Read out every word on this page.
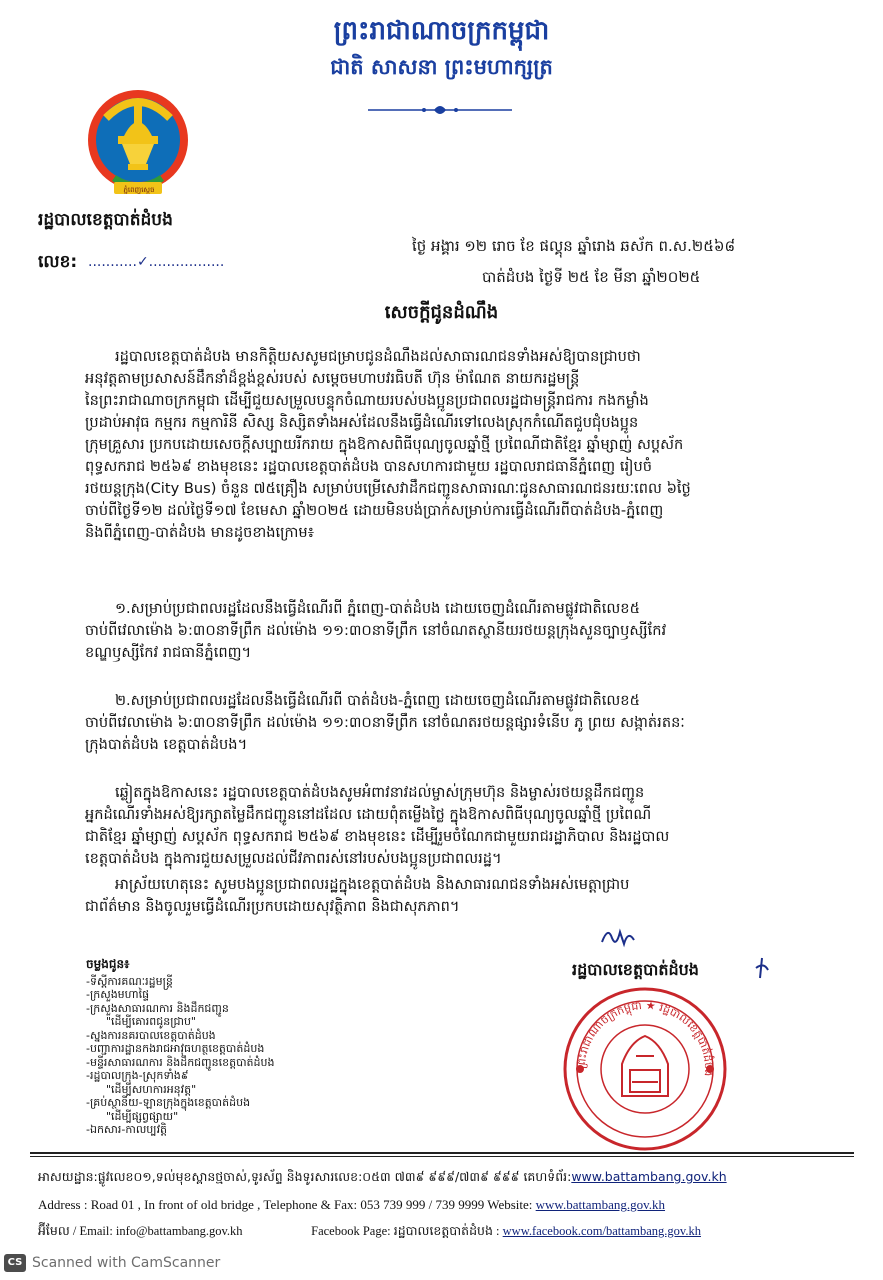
ព្រះរាជាណាចក្រកម្ពុជា
ជាតិ សាសនា ព្រះមហាក្សត្រ
ភ្នំពេញស្តេច
រដ្ឋបាលខេត្តបាត់ដំបង
លេខ: ...........✓.................
ថ្ងៃ អង្គារ ១២ រោច ខែ ផល្គុន ឆ្នាំរោង ឆស័ក ព.ស.២៥៦៨
បាត់ដំបង ថ្ងៃទី ២៥ ខែ មីនា ឆ្នាំ២០២៥
សេចក្តីជូនដំណឹង
រដ្ឋបាលខេត្តបាត់ដំបង មានកិត្តិយសសូមជម្រាបជូនដំណឹងដល់សាធារណជនទាំងអស់ឱ្យបានជ្រាបថា
អនុវត្តតាមប្រសាសន៍ដឹកនាំដ៏ខ្ពង់ខ្ពស់របស់ សម្តេចមហាបវរធិបតី ហ៊ុន ម៉ាណែត នាយករដ្ឋមន្ត្រី
នៃព្រះរាជាណាចក្រកម្ពុជា ដើម្បីជួយសម្រួលបន្ទុកចំណាយរបស់បងប្អូនប្រជាពលរដ្ឋជាមន្ត្រីរាជការ កងកម្លាំង
ប្រដាប់អាវុធ កម្មករ កម្មការិនី សិស្ស និស្សិតទាំងអស់ដែលនឹងធ្វើដំណើរទៅលេងស្រុកកំណើតជួបជុំបងប្អូន
ក្រុមគ្រួសារ ប្រកបដោយសេចក្តីសប្បាយរីករាយ ក្នុងឱកាសពិធីបុណ្យចូលឆ្នាំថ្មី ប្រពៃណីជាតិខ្មែរ ឆ្នាំម្សាញ់ សប្តស័ក
ពុទ្ធសករាជ ២៥៦៩ ខាងមុខនេះ រដ្ឋបាលខេត្តបាត់ដំបង បានសហការជាមួយ រដ្ឋបាលរាជធានីភ្នំពេញ រៀបចំ
រថយន្តក្រុង(City Bus) ចំនួន ៧៥គ្រឿង សម្រាប់បម្រើសេវាដឹកជញ្ជូនសាធារណៈជូនសាធារណជនរយៈពេល ៦ថ្ងៃ
ចាប់ពីថ្ងៃទី១២ ដល់ថ្ងៃទី១៧ ខែមេសា ឆ្នាំ២០២៥ ដោយមិនបង់ប្រាក់សម្រាប់ការធ្វើដំណើរពីបាត់ដំបង-ភ្នំពេញ
និងពីភ្នំពេញ-បាត់ដំបង មានដូចខាងក្រោម៖
១.សម្រាប់ប្រជាពលរដ្ឋដែលនឹងធ្វើដំណើរពី ភ្នំពេញ-បាត់ដំបង ដោយចេញដំណើរតាមផ្លូវជាតិលេខ៥
ចាប់ពីវេលាម៉ោង ៦:៣០នាទីព្រឹក ដល់ម៉ោង ១១:៣០នាទីព្រឹក នៅចំណតស្ថានីយរថយន្តក្រុងសួនច្បាឫស្សីកែវ
ខណ្ឌឫស្សីកែវ រាជធានីភ្នំពេញ។
២.សម្រាប់ប្រជាពលរដ្ឋដែលនឹងធ្វើដំណើរពី បាត់ដំបង-ភ្នំពេញ ដោយចេញដំណើរតាមផ្លូវជាតិលេខ៥
ចាប់ពីវេលាម៉ោង ៦:៣០នាទីព្រឹក ដល់ម៉ោង ១១:៣០នាទីព្រឹក នៅចំណតរថយន្តផ្សារទំនើប ភូ ព្រយ សង្កាត់រតនៈ
ក្រុងបាត់ដំបង ខេត្តបាត់ដំបង។
ឆ្លៀតក្នុងឱកាសនេះ រដ្ឋបាលខេត្តបាត់ដំបងសូមអំពាវនាវដល់ម្ចាស់ក្រុមហ៊ុន និងម្ចាស់រថយន្តដឹកជញ្ជូន
អ្នកដំណើរទាំងអស់ឱ្យរក្សាតម្លៃដឹកជញ្ជូននៅដដែល ដោយពុំតម្លើងថ្លៃ ក្នុងឱកាសពិធីបុណ្យចូលឆ្នាំថ្មី ប្រពៃណី
ជាតិខ្មែរ ឆ្នាំម្សាញ់ សប្តស័ក ពុទ្ធសករាជ ២៥៦៩ ខាងមុខនេះ ដើម្បីរួមចំណែកជាមួយរាជរដ្ឋាភិបាល និងរដ្ឋបាល
ខេត្តបាត់ដំបង ក្នុងការជួយសម្រួលដល់ជីវភាពរស់នៅរបស់បងប្អូនប្រជាពលរដ្ឋ។
អាស្រ័យហេតុនេះ សូមបងប្អូនប្រជាពលរដ្ឋក្នុងខេត្តបាត់ដំបង និងសាធារណជនទាំងអស់មេត្តាជ្រាប
ជាព័ត៌មាន និងចូលរួមធ្វើដំណើរប្រកបដោយសុវត្ថិភាព និងជាសុភភាព។
ចម្លងជូន៖
-ទីស្តីការគណៈរដ្ឋមន្ត្រី
-ក្រសួងមហាផ្ទៃ
-ក្រសួងសាធារណការ និងដឹកជញ្ជូន
"ដើម្បីគោរពជូនជ្រាប"
-ស្នងការនគរបាលខេត្តបាត់ដំបង
-បញ្ជាការដ្ឋានកងរាជអាវុធហត្ថខេត្តបាត់ដំបង
-មន្ទីរសាធារណការ និងដឹកជញ្ជូនខេត្តបាត់ដំបង
-រដ្ឋបាលក្រុង-ស្រុកទាំង៩
"ដើម្បីសហការអនុវត្ត"
-គ្រប់ស្ថានីយ-ឡានក្រុងក្នុងខេត្តបាត់ដំបង
"ដើម្បីផ្សព្វផ្សាយ"
-ឯកសារ-កាលប្បវត្តិ
រដ្ឋបាលខេត្តបាត់ដំបង
ព្រះរាជាណាចក្រកម្ពុជា ★ រដ្ឋបាលខេត្តបាត់ដំបង
អាសយដ្ឋាន:ផ្លូវលេខ០១,ទល់មុខស្ពានថ្មចាស់,ទូរស័ព្ទ និងទូរសារលេខ:០៥៣ ៧៣៩ ៩៩៩/៧៣៩ ៩៩៩ គេហទំព័រ:www.battambang.gov.kh
Address : Road 01 , In front of old bridge , Telephone & Fax: 053 739 999 / 739 9999 Website: www.battambang.gov.kh
អ៊ីមែល / Email: info@battambang.gov.kh	Facebook Page: រដ្ឋបាលខេត្តបាត់ដំបង : www.facebook.com/battambang.gov.kh
CS Scanned with CamScanner
